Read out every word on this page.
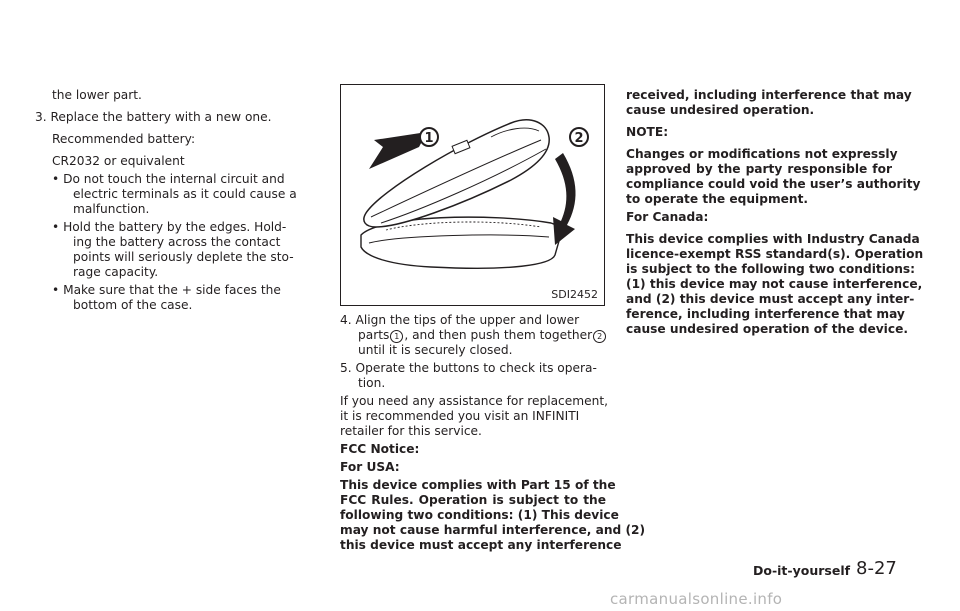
the lower part.
3. Replace the battery with a new one.
Recommended battery:
CR2032 or equivalent
• Do not touch the internal circuit and
electric terminals as it could cause a
malfunction.
• Hold the battery by the edges. Hold-
ing the battery across the contact
points will seriously deplete the sto-
rage capacity.
• Make sure that the + side faces the
bottom of the case.
1	2
SDI2452
4. Align the tips of the upper and lower
parts 1 , and then push them together 2
until it is securely closed.
5. Operate the buttons to check its opera-
tion.
If you need any assistance for replacement,
it is recommended you visit an INFINITI
retailer for this service.
FCC Notice:
For USA:
This device complies with Part 15 of the
FCC Rules. Operation is subject to the
following two conditions: (1) This device
may not cause harmful interference, and (2)
this device must accept any interference
received, including interference that may
cause undesired operation.
NOTE:
Changes or modifications not expressly
approved by the party responsible for
compliance could void the user’s authority
to operate the equipment.
For Canada:
This device complies with Industry Canada
licence-exempt RSS standard(s). Operation
is subject to the following two conditions:
(1) this device may not cause interference,
and (2) this device must accept any inter-
ference, including interference that may
cause undesired operation of the device.
Do-it-yourself 8-27
carmanualsonline.info
